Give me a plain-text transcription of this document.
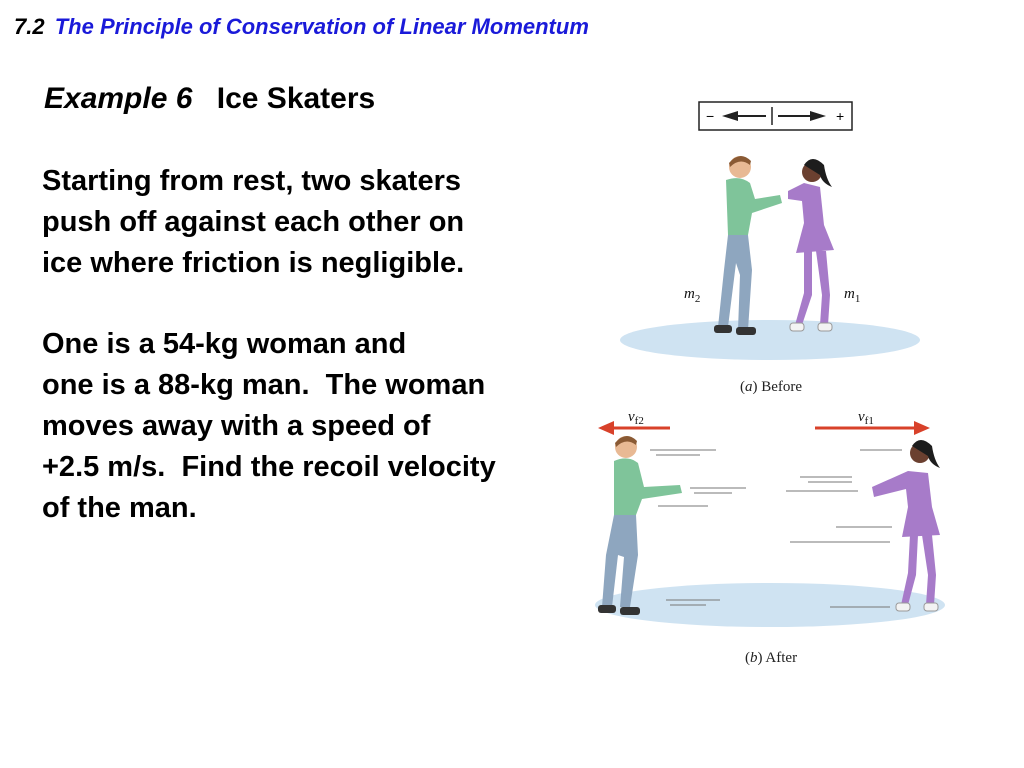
7.2 The Principle of Conservation of Linear Momentum
Example 6 Ice Skaters
Starting from rest, two skaters
push off against each other on
ice where friction is negligible.
One is a 54-kg woman and
one is a 88-kg man.  The woman
moves away with a speed of
+2.5 m/s.  Find the recoil velocity
of the man.
−	+
$m_2$	$m_1$
(a) Before
$v_{f2}$	$v_{f1}$
(b) After
